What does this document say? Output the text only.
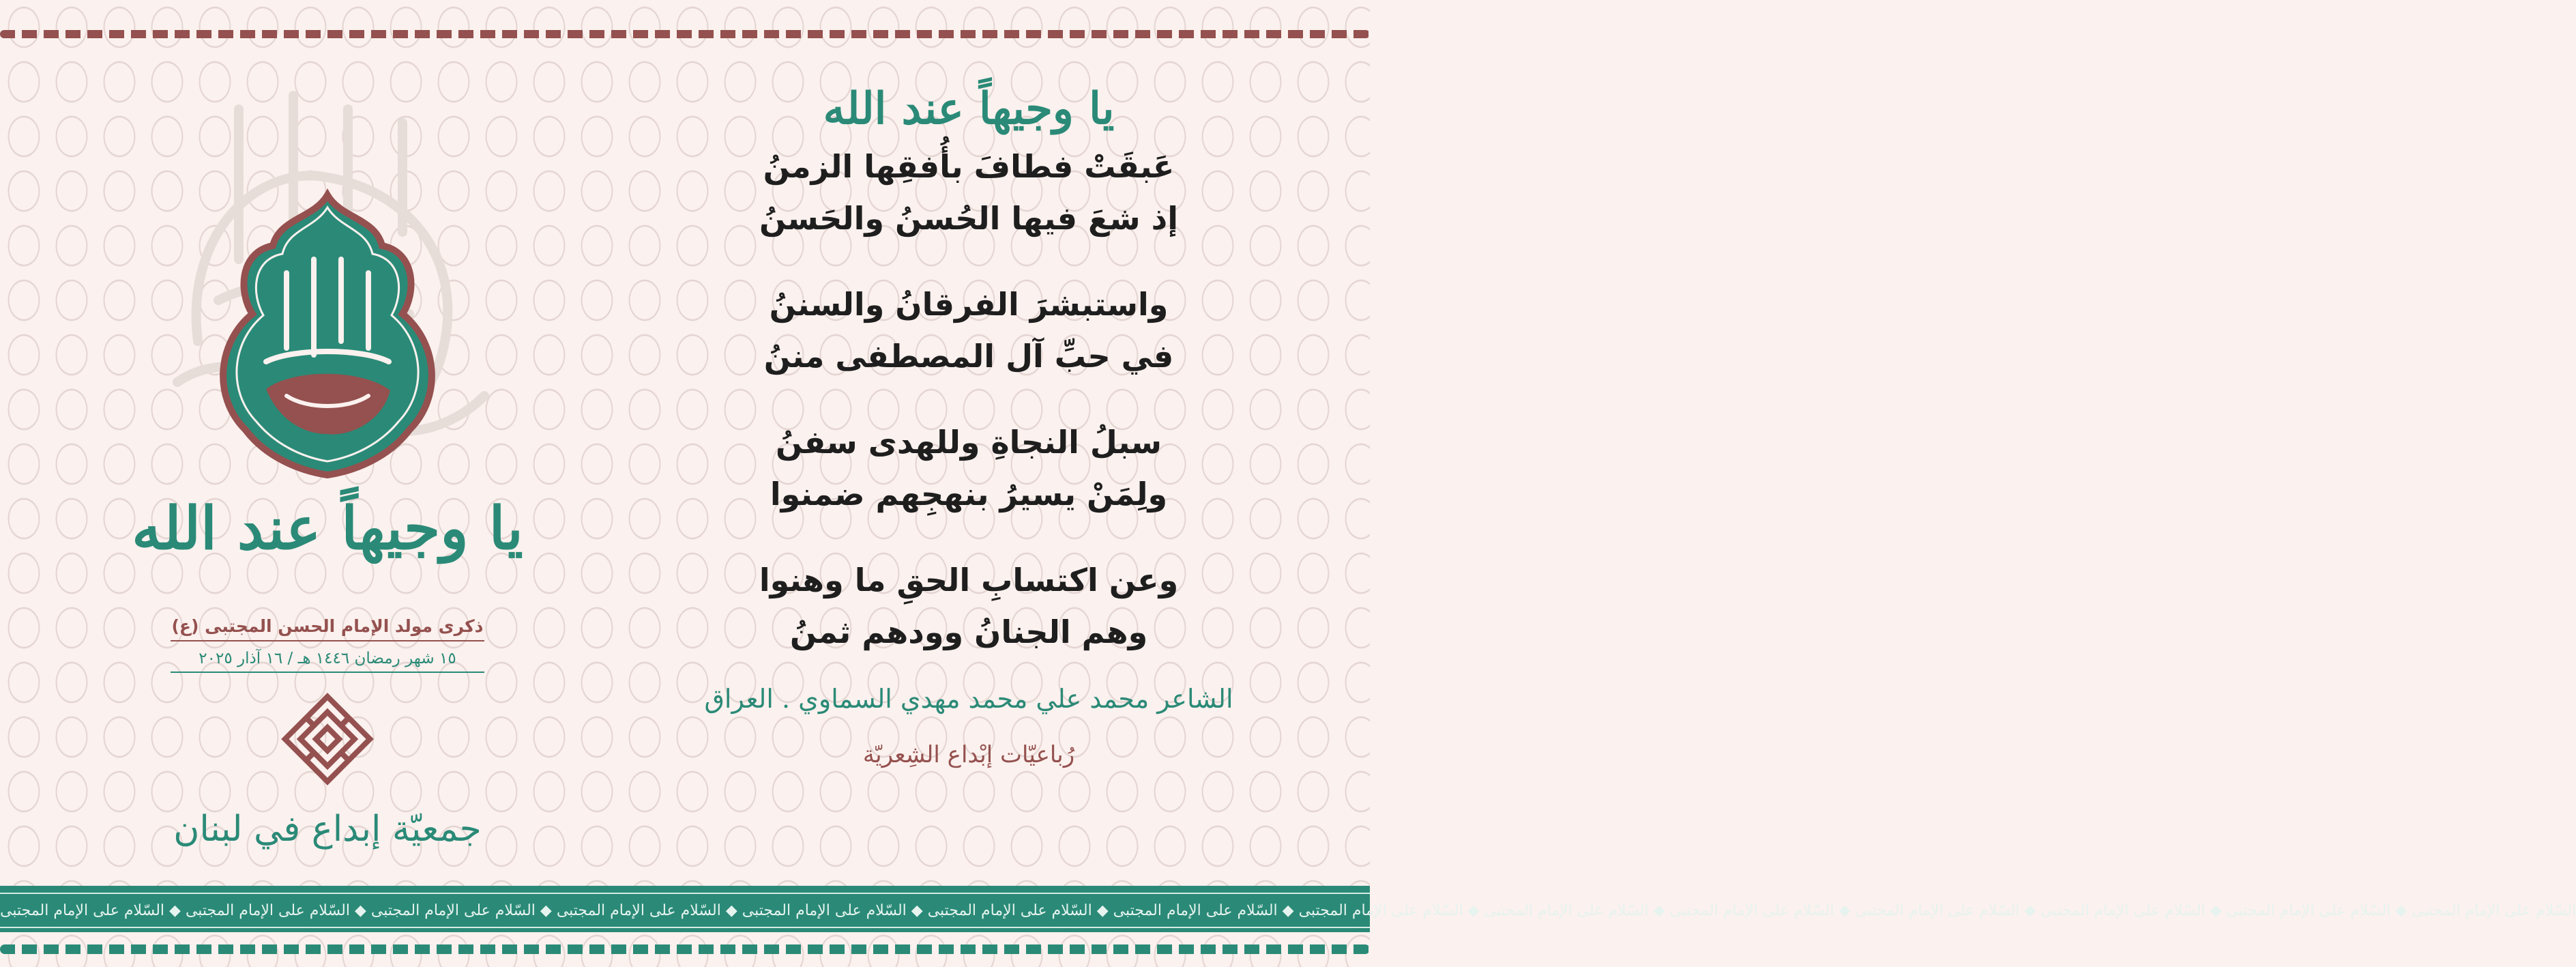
يا وجيهاً عند الله
ذكرى مولد الإمام الحسن المجتبى (ع)
١٥ شهر رمضان ١٤٤٦ هـ / ١٦ آذار ٢٠٢٥
جمعيّة إبداع في لبنان
يا وجيهاً عند الله
عَبقَتْ فطافَ بأُفقِها الزمنُ
إذ شعَ فيها الحُسنُ والحَسنُ
واستبشرَ الفرقانُ والسننُ
في حبِّ آل المصطفى مننُ
سبلُ النجاةِ وللهدى سفنُ
ولِمَنْ يسيرُ بنهجِهم ضمنوا
وعن اكتسابِ الحقِ ما وهنوا
وهم الجنانُ وودهم ثمنُ
الشاعر محمد علي محمد مهدي السماوي . العراق
رُباعيّات إبْداع الشِعريّة
السّلام على الإمام المجتبى ◆ السّلام على الإمام المجتبى ◆ السّلام على الإمام المجتبى ◆ السّلام على الإمام المجتبى ◆ السّلام على الإمام المجتبى ◆ السّلام على الإمام المجتبى ◆ السّلام على الإمام المجتبى ◆ السّلام على الإمام المجتبى ◆ السّلام على الإمام المجتبى ◆ السّلام على الإمام المجتبى ◆ السّلام على الإمام المجتبى ◆ السّلام على الإمام المجتبى ◆ السّلام على الإمام المجتبى ◆ السّلام على الإمام المجتبى
